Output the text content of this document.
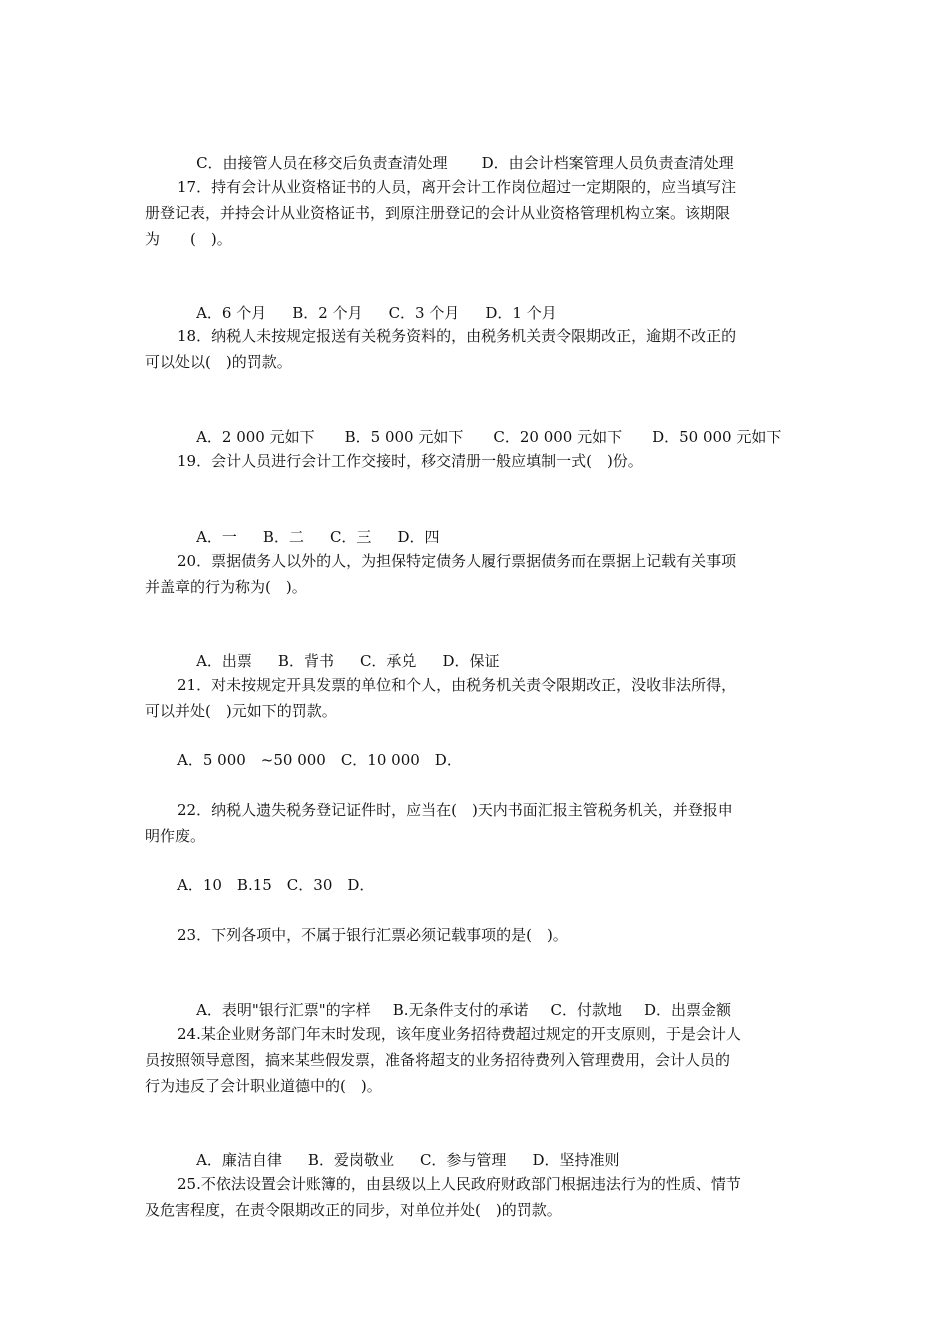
C．由接管人员在移交后负责查清处理 D．由会计档案管理人员负责查清处理

17．持有会计从业资格证书的人员，离开会计工作岗位超过一定期限的，应当填写注
册登记表，并持会计从业资格证书，到原注册登记的会计从业资格管理机构立案。该期限
为　　(　)。

A．6 个月 B．2 个月 C．3 个月 D．1 个月

18．纳税人未按规定报送有关税务资料的，由税务机关责令限期改正，逾期不改正的
可以处以(　)的罚款。

A．2 000 元如下 B．5 000 元如下 C．20 000 元如下 D．50 000 元如下

19．会计人员进行会计工作交接时，移交清册一般应填制一式(　)份。

A．一 B．二 C．三 D．四

20．票据债务人以外的人，为担保特定债务人履行票据债务而在票据上记载有关事项
并盖章的行为称为(　)。

A．出票 B．背书 C．承兑 D．保证

21．对未按规定开具发票的单位和个人，由税务机关责令限期改正，没收非法所得，
可以并处(　)元如下的罚款。
A．5 000　~50 000　C．10 000　D．
22．纳税人遗失税务登记证件时，应当在(　)天内书面汇报主管税务机关，并登报申
明作废。
A．10　B.15　C．30　D．
23．下列各项中，不属于银行汇票必须记载事项的是(　)。

A．表明"银行汇票"的字样 B.无条件支付的承诺 C．付款地 D．出票金额

24.某企业财务部门年末时发现，该年度业务招待费超过规定的开支原则，于是会计人
员按照领导意图，搞来某些假发票，准备将超支的业务招待费列入管理费用，会计人员的
行为违反了会计职业道德中的(　)。

A．廉洁自律 B．爱岗敬业 C．参与管理 D．坚持准则

25.不依法设置会计账簿的，由县级以上人民政府财政部门根据违法行为的性质、情节
及危害程度，在责令限期改正的同步，对单位并处(　)的罚款。
